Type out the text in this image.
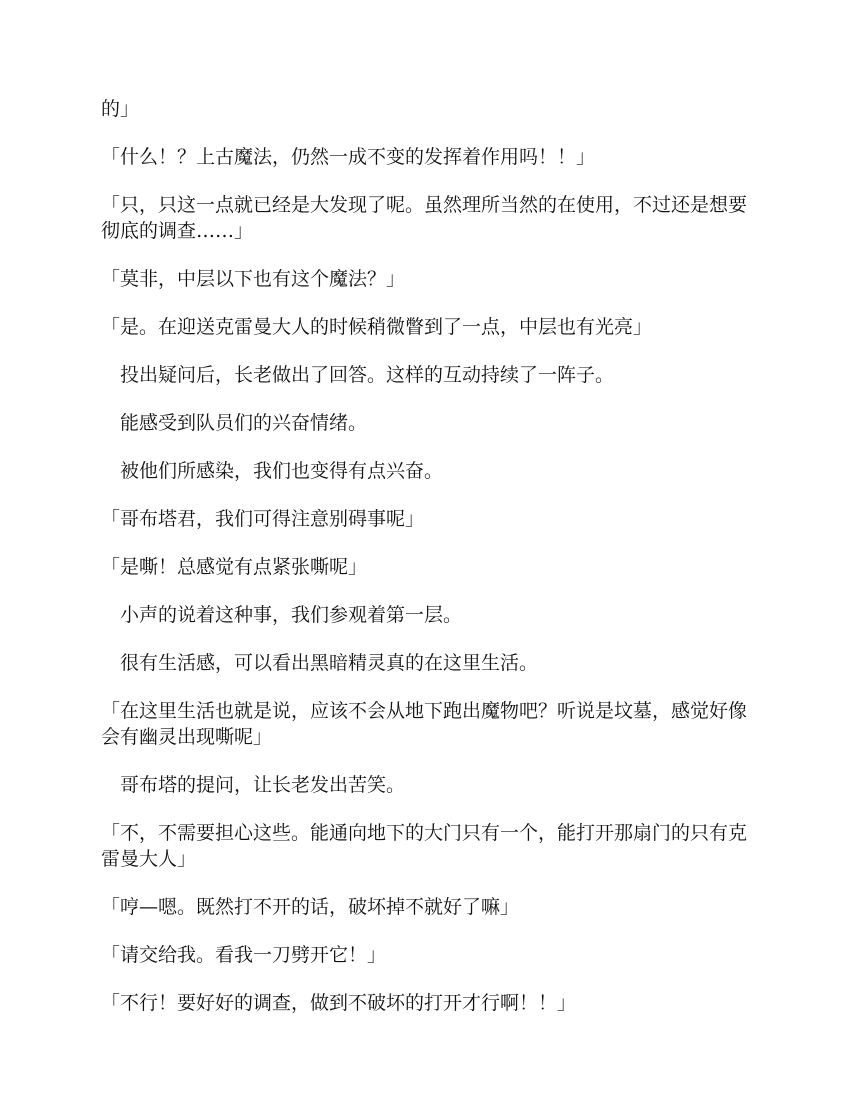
的」

「什么！？上古魔法，仍然一成不变的发挥着作用吗！！」

「只，只这一点就已经是大发现了呢。虽然理所当然的在使用，不过还是想要彻底的调查……」

「莫非，中层以下也有这个魔法？」

「是。在迎送克雷曼大人的时候稍微瞥到了一点，中层也有光亮」

　投出疑问后，长老做出了回答。这样的互动持续了一阵子。

　能感受到队员们的兴奋情绪。

　被他们所感染，我们也变得有点兴奋。

「哥布塔君，我们可得注意别碍事呢」

「是嘶！总感觉有点紧张嘶呢」

　小声的说着这种事，我们参观着第一层。

　很有生活感，可以看出黑暗精灵真的在这里生活。

「在这里生活也就是说，应该不会从地下跑出魔物吧？听说是坟墓，感觉好像会有幽灵出现嘶呢」

　哥布塔的提问，让长老发出苦笑。

「不，不需要担心这些。能通向地下的大门只有一个，能打开那扇门的只有克雷曼大人」

「哼—嗯。既然打不开的话，破坏掉不就好了嘛」

「请交给我。看我一刀劈开它！」

「不行！要好好的调查，做到不破坏的打开才行啊！！」
